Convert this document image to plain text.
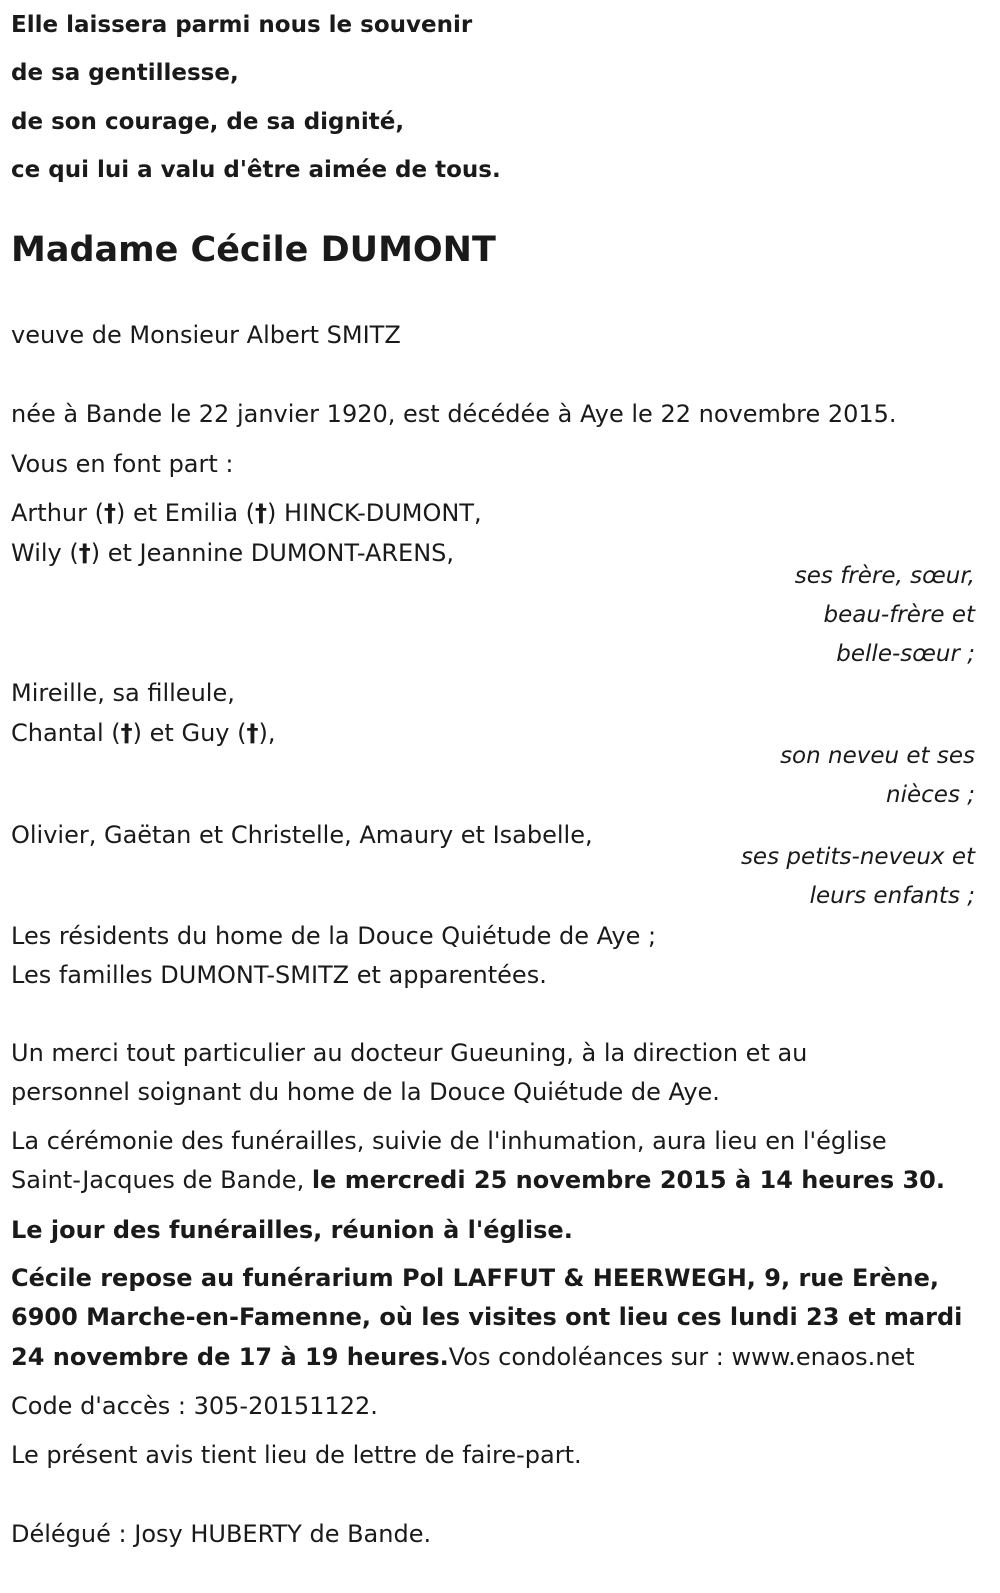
Elle laissera parmi nous le souvenir
de sa gentillesse,
de son courage, de sa dignité,
ce qui lui a valu d'être aimée de tous.
Madame Cécile DUMONT
veuve de Monsieur Albert SMITZ
née à Bande le 22 janvier 1920, est décédée à Aye le 22 novembre 2015.
Vous en font part :
Arthur (†) et Emilia (†) HINCK-DUMONT,
Wily (†) et Jeannine DUMONT-ARENS,
ses frère, sœur,
beau-frère et
belle-sœur ;
Mireille, sa filleule,
Chantal (†) et Guy (†),
son neveu et ses
nièces ;
Olivier, Gaëtan et Christelle, Amaury et Isabelle,
ses petits-neveux et
leurs enfants ;
Les résidents du home de la Douce Quiétude de Aye ;
Les familles DUMONT-SMITZ et apparentées.
Un merci tout particulier au docteur Gueuning, à la direction et au
personnel soignant du home de la Douce Quiétude de Aye.
La cérémonie des funérailles, suivie de l'inhumation, aura lieu en l'église
Saint-Jacques de Bande, le mercredi 25 novembre 2015 à 14 heures 30.
Le jour des funérailles, réunion à l'église.
Cécile repose au funérarium Pol LAFFUT & HEERWEGH, 9, rue Erène,
6900 Marche-en-Famenne, où les visites ont lieu ces lundi 23 et mardi
24 novembre de 17 à 19 heures.Vos condoléances sur : www.enaos.net
Code d'accès : 305-20151122.
Le présent avis tient lieu de lettre de faire-part.
Délégué : Josy HUBERTY de Bande.
